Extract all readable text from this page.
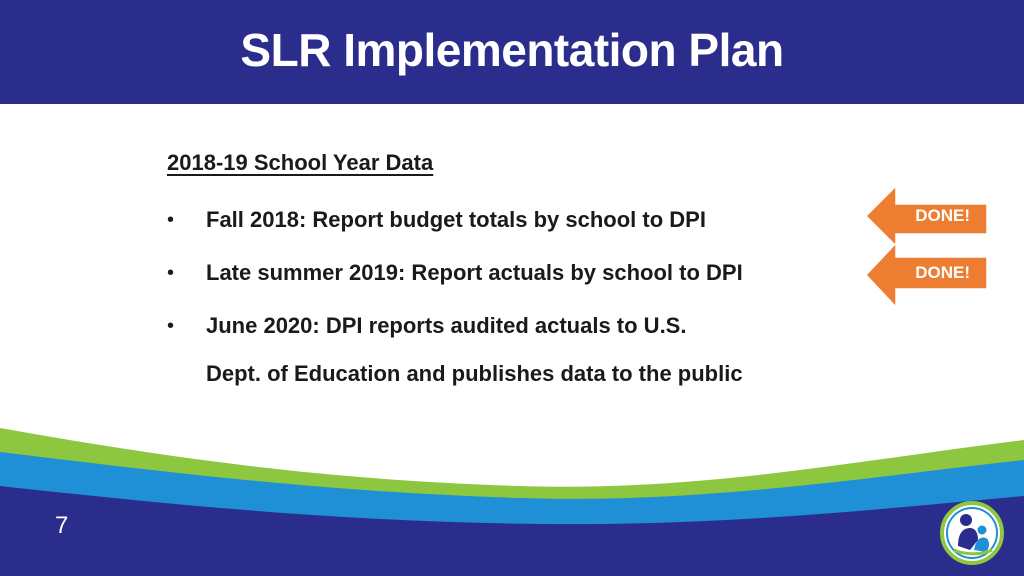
SLR Implementation Plan
2018-19 School Year Data
• Fall 2018: Report budget totals by school to DPI
• Late summer 2019: Report actuals by school to DPI
• June 2020: DPI reports audited actuals to U.S.
Dept. of Education and publishes data to the public
DONE!
DONE!
7
